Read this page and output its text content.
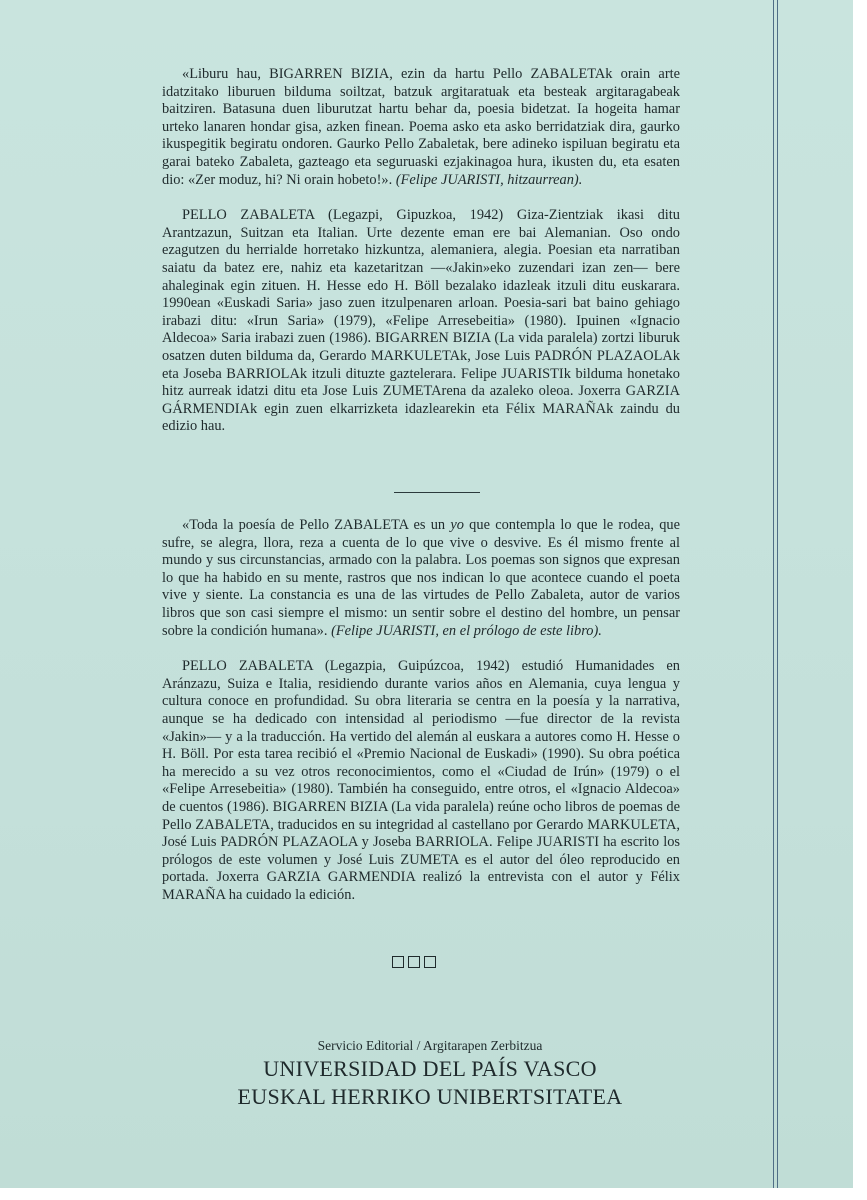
«Liburu hau, BIGARREN BIZIA, ezin da hartu Pello ZABALETAk orain arte idatzitako liburuen bilduma soiltzat, batzuk argitaratuak eta besteak argitaragabeak baitziren. Batasuna duen liburutzat hartu behar da, poesia bidetzat. Ia hogeita hamar urteko lanaren hondar gisa, azken finean. Poema asko eta asko berridatziak dira, gaurko ikuspegitik begiratu ondoren. Gaurko Pello Zabaletak, bere adineko ispiluan begiratu eta garai bateko Zabaleta, gazteago eta seguruaski ezjakinagoa hura, ikusten du, eta esaten dio: «Zer moduz, hi? Ni orain hobeto!». (Felipe JUARISTI, hitzaurrean).

PELLO ZABALETA (Legazpi, Gipuzkoa, 1942) Giza-Zientziak ikasi ditu Arantzazun, Suitzan eta Italian. Urte dezente eman ere bai Alemanian. Oso ondo ezagutzen du herrialde horretako hizkuntza, alemaniera, alegia. Poesian eta narratiban saiatu da batez ere, nahiz eta kazetaritzan —«Jakin»eko zuzendari izan zen— bere ahaleginak egin zituen. H. Hesse edo H. Böll bezalako idazleak itzuli ditu euskarara. 1990ean «Euskadi Saria» jaso zuen itzulpenaren arloan. Poesia-sari bat baino gehiago irabazi ditu: «Irun Saria» (1979), «Felipe Arresebeitia» (1980). Ipuinen «Ignacio Aldecoa» Saria irabazi zuen (1986). BIGARREN BIZIA (La vida paralela) zortzi liburuk osatzen duten bilduma da, Gerardo MARKULETAk, Jose Luis PADRÓN PLAZAOLAk eta Joseba BARRIOLAk itzuli dituzte gaztelerara. Felipe JUARISTIk bilduma honetako hitz aurreak idatzi ditu eta Jose Luis ZUMETArena da azaleko oleoa. Joxerra GARZIA GÁRMENDIAk egin zuen elkarrizketa idazlearekin eta Félix MARAÑAk zaindu du edizio hau.

«Toda la poesía de Pello ZABALETA es un yo que contempla lo que le rodea, que sufre, se alegra, llora, reza a cuenta de lo que vive o desvive. Es él mismo frente al mundo y sus circunstancias, armado con la palabra. Los poemas son signos que expresan lo que ha habido en su mente, rastros que nos indican lo que acontece cuando el poeta vive y siente. La constancia es una de las virtudes de Pello Zabaleta, autor de varios libros que son casi siempre el mismo: un sentir sobre el destino del hombre, un pensar sobre la condición humana». (Felipe JUARISTI, en el prólogo de este libro).

PELLO ZABALETA (Legazpia, Guipúzcoa, 1942) estudió Humanidades en Aránzazu, Suiza e Italia, residiendo durante varios años en Alemania, cuya lengua y cultura conoce en profundidad. Su obra literaria se centra en la poesía y la narrativa, aunque se ha dedicado con intensidad al periodismo —fue director de la revista «Jakin»— y a la traducción. Ha vertido del alemán al euskara a autores como H. Hesse o H. Böll. Por esta tarea recibió el «Premio Nacional de Euskadi» (1990). Su obra poética ha merecido a su vez otros reconocimientos, como el «Ciudad de Irún» (1979) o el «Felipe Arresebeitia» (1980). También ha conseguido, entre otros, el «Ignacio Aldecoa» de cuentos (1986). BIGARREN BIZIA (La vida paralela) reúne ocho libros de poemas de Pello ZABALETA, traducidos en su integridad al castellano por Gerardo MARKULETA, José Luis PADRÓN PLAZAOLA y Joseba BARRIOLA. Felipe JUARISTI ha escrito los prólogos de este volumen y José Luis ZUMETA es el autor del óleo reproducido en portada. Joxerra GARZIA GARMENDIA realizó la entrevista con el autor y Félix MARAÑA ha cuidado la edición.

Servicio Editorial / Argitarapen Zerbitzua
UNIVERSIDAD DEL PAÍS VASCO
EUSKAL HERRIKO UNIBERTSITATEA
